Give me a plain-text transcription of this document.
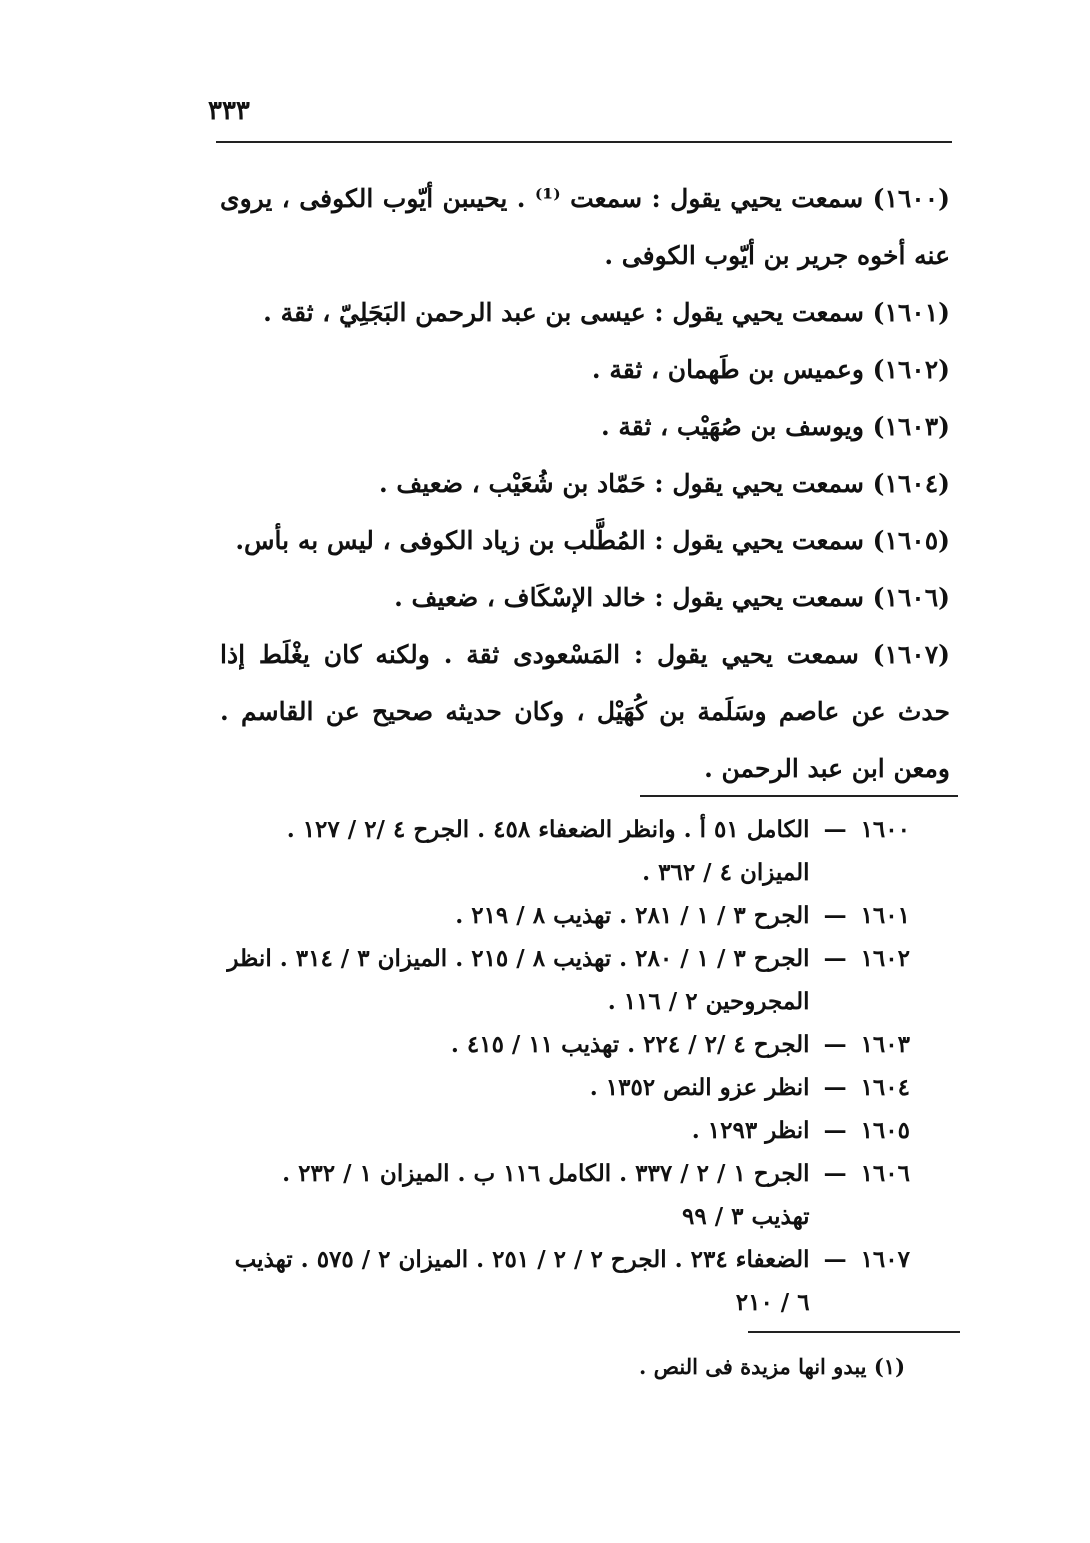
٣٣٣

(١٦٠٠) سمعت يحيي يقول : سمعت ⁽¹⁾ . يحيىبن أيّوب الكوفى ، يروى عنه أخوه جرير بن أيّوب الكوفى .

(١٦٠١) سمعت يحيي يقول : عيسى بن عبد الرحمن البَجَلِيّ ، ثقة .

(١٦٠٢) وعميس بن طَهمان ، ثقة .

(١٦٠٣) ويوسف بن صُهَيْب ، ثقة .

(١٦٠٤) سمعت يحيي يقول : حَمّاد بن شُعَيْب ، ضعيف .

(١٦٠٥) سمعت يحيي يقول : المُطَّلب بن زياد الكوفى ، ليس به بأس.

(١٦٠٦) سمعت يحيي يقول : خالد الإسْكَاف ، ضعيف .

(١٦٠٧) سمعت يحيي يقول : المَسْعودى ثقة . ولكنه كان يغْلَط إذا حدث عن عاصم وسَلَمة بن كُهَيْل ، وكان حديثه صحيح عن القاسم . ومعن ابن عبد الرحمن .

١٦٠٠
—
الكامل ٥١ أ . وانظر الضعفاء ٤٥٨ . الجرح ٤ /٢ / ١٢٧ . الميزان ٤ / ٣٦٢ .
١٦٠١
—
الجرح ٣ / ١ / ٢٨١ . تهذيب ٨ / ٢١٩ .
١٦٠٢
—
الجرح ٣ / ١ / ٢٨٠ . تهذيب ٨ / ٢١٥ . الميزان ٣ / ٣١٤ . انظر المجروحين ٢ / ١١٦ .
١٦٠٣
—
الجرح ٤ /٢ / ٢٢٤ . تهذيب ١١ / ٤١٥ .
١٦٠٤
—
انظر عزو النص ١٣٥٢ .
١٦٠٥
—
انظر ١٢٩٣ .
١٦٠٦
—
الجرح ١ / ٢ / ٣٣٧ . الكامل ١١٦ ب . الميزان ١ / ٢٣٢ . تهذيب ٣ / ٩٩
١٦٠٧
—
الضعفاء ٢٣٤ . الجرح ٢ / ٢ / ٢٥١ . الميزان ٢ / ٥٧٥ . تهذيب ٦ / ٢١٠
(١) يبدو انها مزيدة فى النص .
